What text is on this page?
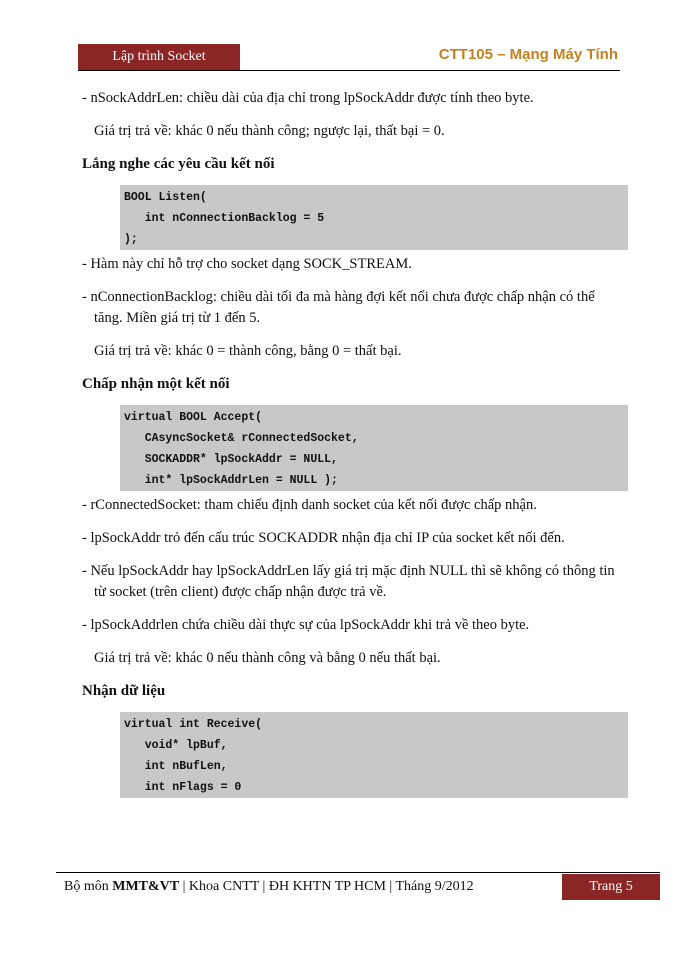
Lập trình Socket	CTT105 – Mạng Máy Tính

- nSockAddrLen: chiều dài của địa chỉ trong lpSockAddr được tính theo byte.

Giá trị trả về: khác 0 nếu thành công; ngược lại, thất bại = 0.

Lắng nghe các yêu cầu kết nối
BOOL Listen(
int nConnectionBacklog = 5
);

- Hàm này chỉ hỗ trợ cho socket dạng SOCK_STREAM.

- nConnectionBacklog: chiều dài tối đa mà hàng đợi kết nối chưa được chấp nhận có thể tăng. Miền giá trị từ 1 đến 5.

Giá trị trả về: khác 0 = thành công, bằng 0 = thất bại.

Chấp nhận một kết nối
virtual BOOL Accept(
CAsyncSocket& rConnectedSocket,
SOCKADDR* lpSockAddr = NULL,
int* lpSockAddrLen = NULL );

- rConnectedSocket: tham chiếu định danh socket của kết nối được chấp nhận.

- lpSockAddr trỏ đến cấu trúc SOCKADDR nhận địa chỉ IP của socket kết nối đến.

- Nếu lpSockAddr hay lpSockAddrLen lấy giá trị mặc định NULL thì sẽ không có thông tin từ socket (trên client) được chấp nhận được trả về.

- lpSockAddrlen chứa chiều dài thực sự của lpSockAddr khi trả về theo byte.

Giá trị trả về: khác 0 nếu thành công và bằng 0 nếu thất bại.

Nhận dữ liệu
virtual int Receive(
void* lpBuf,
int nBufLen,
int nFlags = 0
Bộ môn MMT&VT | Khoa CNTT | ĐH KHTN TP HCM | Tháng 9/2012	Trang 5
